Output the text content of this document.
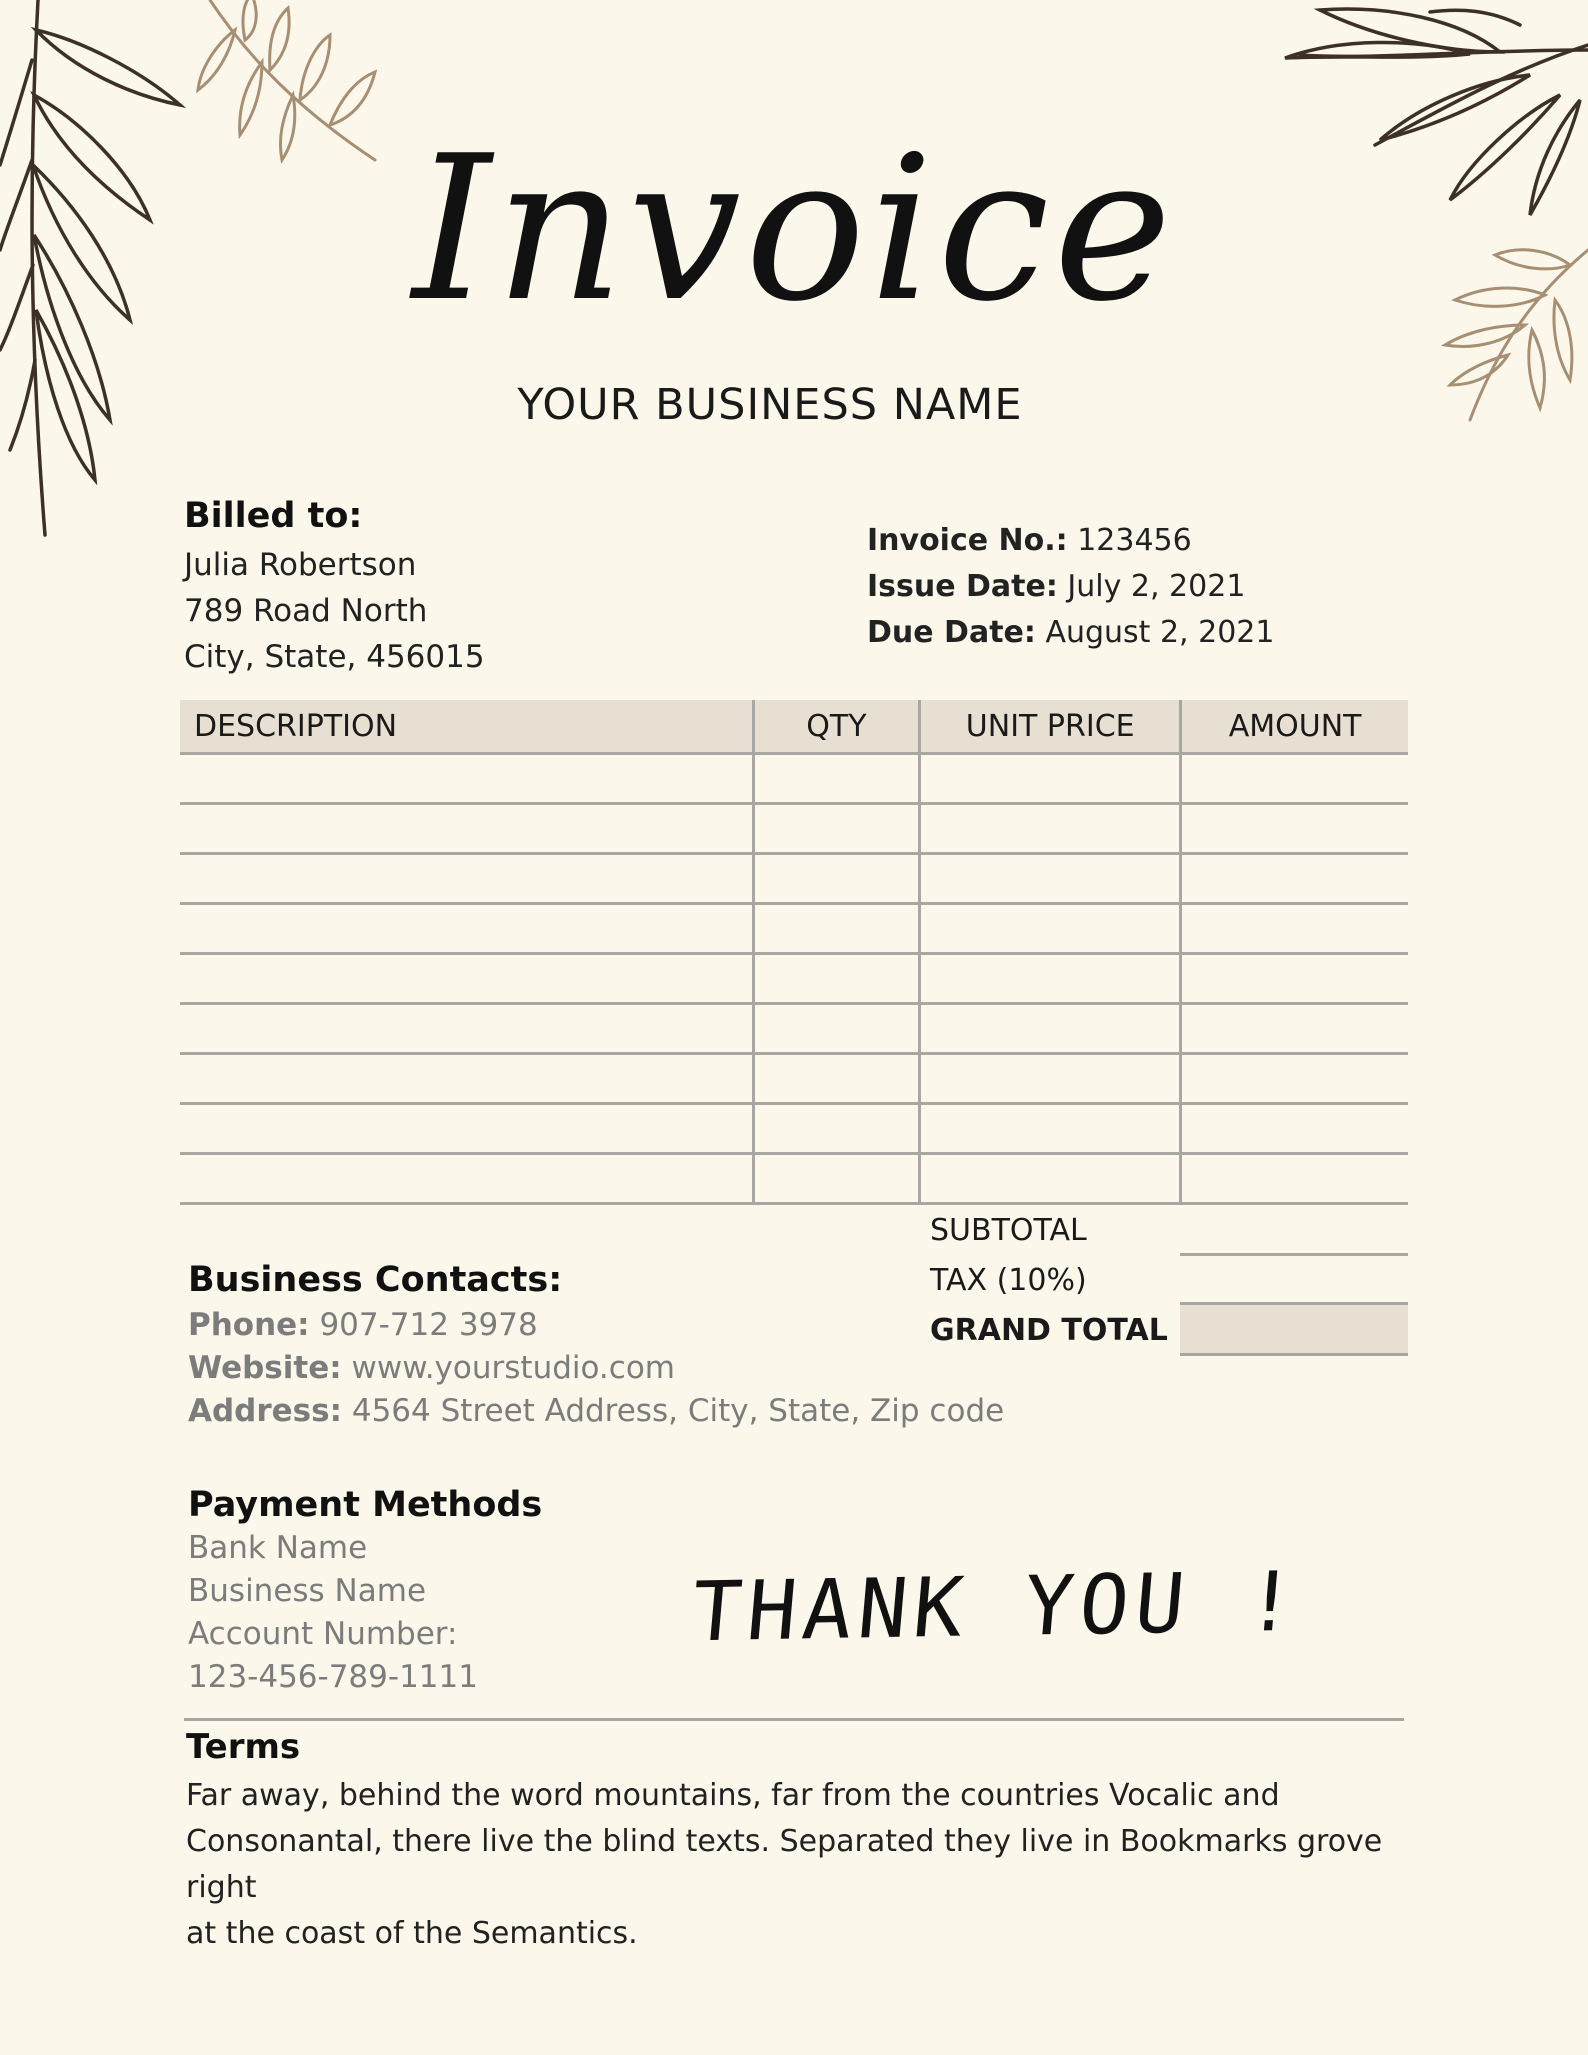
Invoice
YOUR BUSINESS NAME
Billed to:
Julia Robertson
789 Road North
City, State, 456015
Invoice No.: 123456
Issue Date: July 2, 2021
Due Date: August 2, 2021
DESCRIPTION	QTY	UNIT PRICE	AMOUNT

SUBTOTAL
TAX (10%)
GRAND TOTAL
Business Contacts:
Phone: 907-712 3978
Website: www.yourstudio.com
Address: 4564 Street Address, City, State, Zip code
Payment Methods
Bank Name
Business Name
Account Number:
123-456-789-1111
THANK YOU !
Terms
Far away, behind the word mountains, far from the countries Vocalic and
Consonantal, there live the blind texts. Separated they live in Bookmarks grove right
at the coast of the Semantics.
